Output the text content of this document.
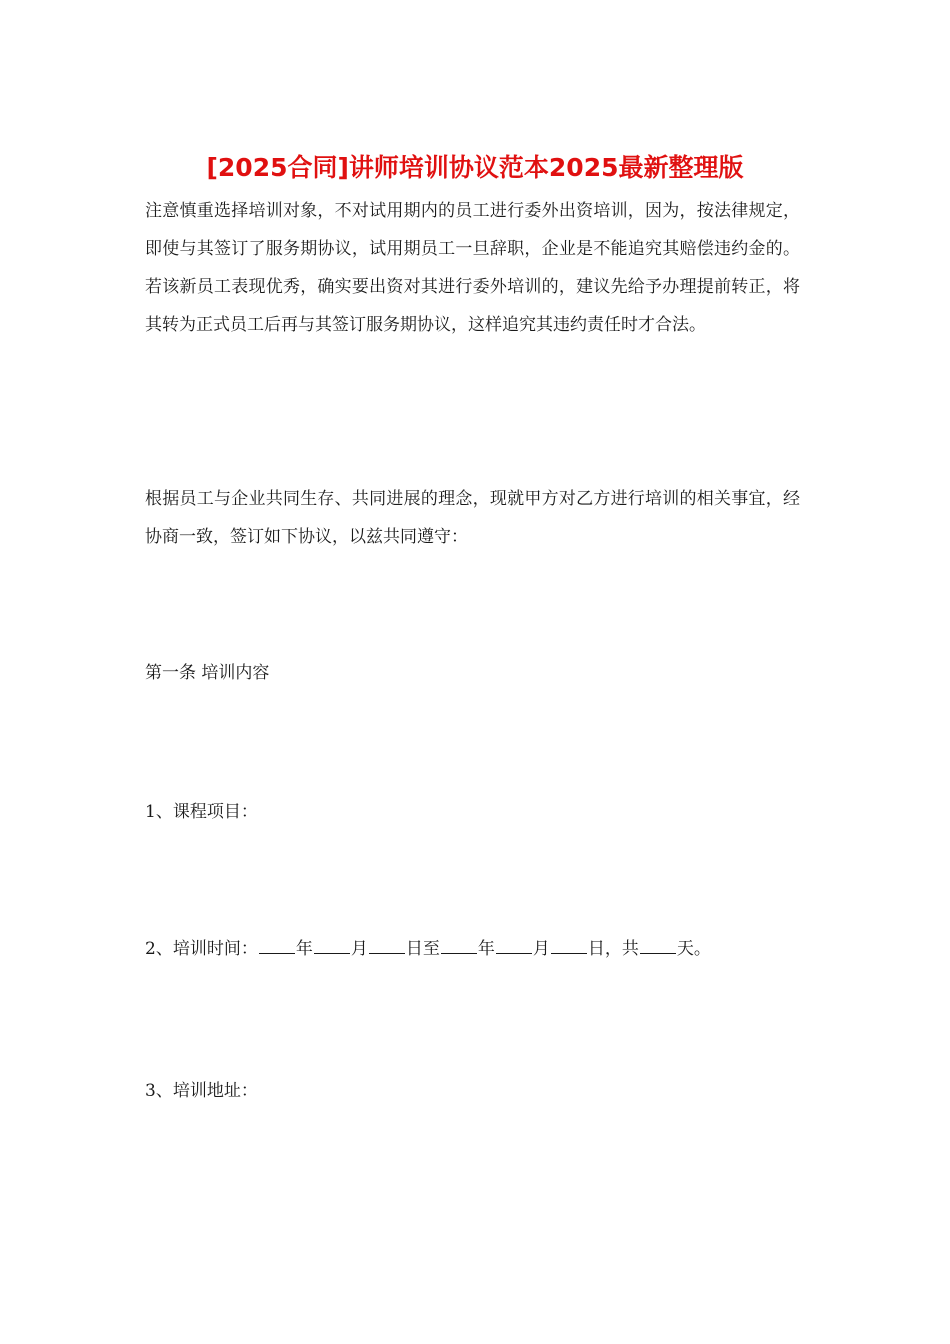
[2025合同]讲师培训协议范本2025最新整理版

注意慎重选择培训对象，不对试用期内的员工进行委外出资培训，因为，按法律规定，即使与其签订了服务期协议，试用期员工一旦辞职，企业是不能追究其赔偿违约金的。若该新员工表现优秀，确实要出资对其进行委外培训的，建议先给予办理提前转正，将其转为正式员工后再与其签订服务期协议，这样追究其违约责任时才合法。

根据员工与企业共同生存、共同进展的理念，现就甲方对乙方进行培训的相关事宜，经协商一致，签订如下协议，以兹共同遵守：

第一条 培训内容
1、课程项目：
2、培训时间： 年 月 日至 年 月 日，共 天。
3、培训地址：
